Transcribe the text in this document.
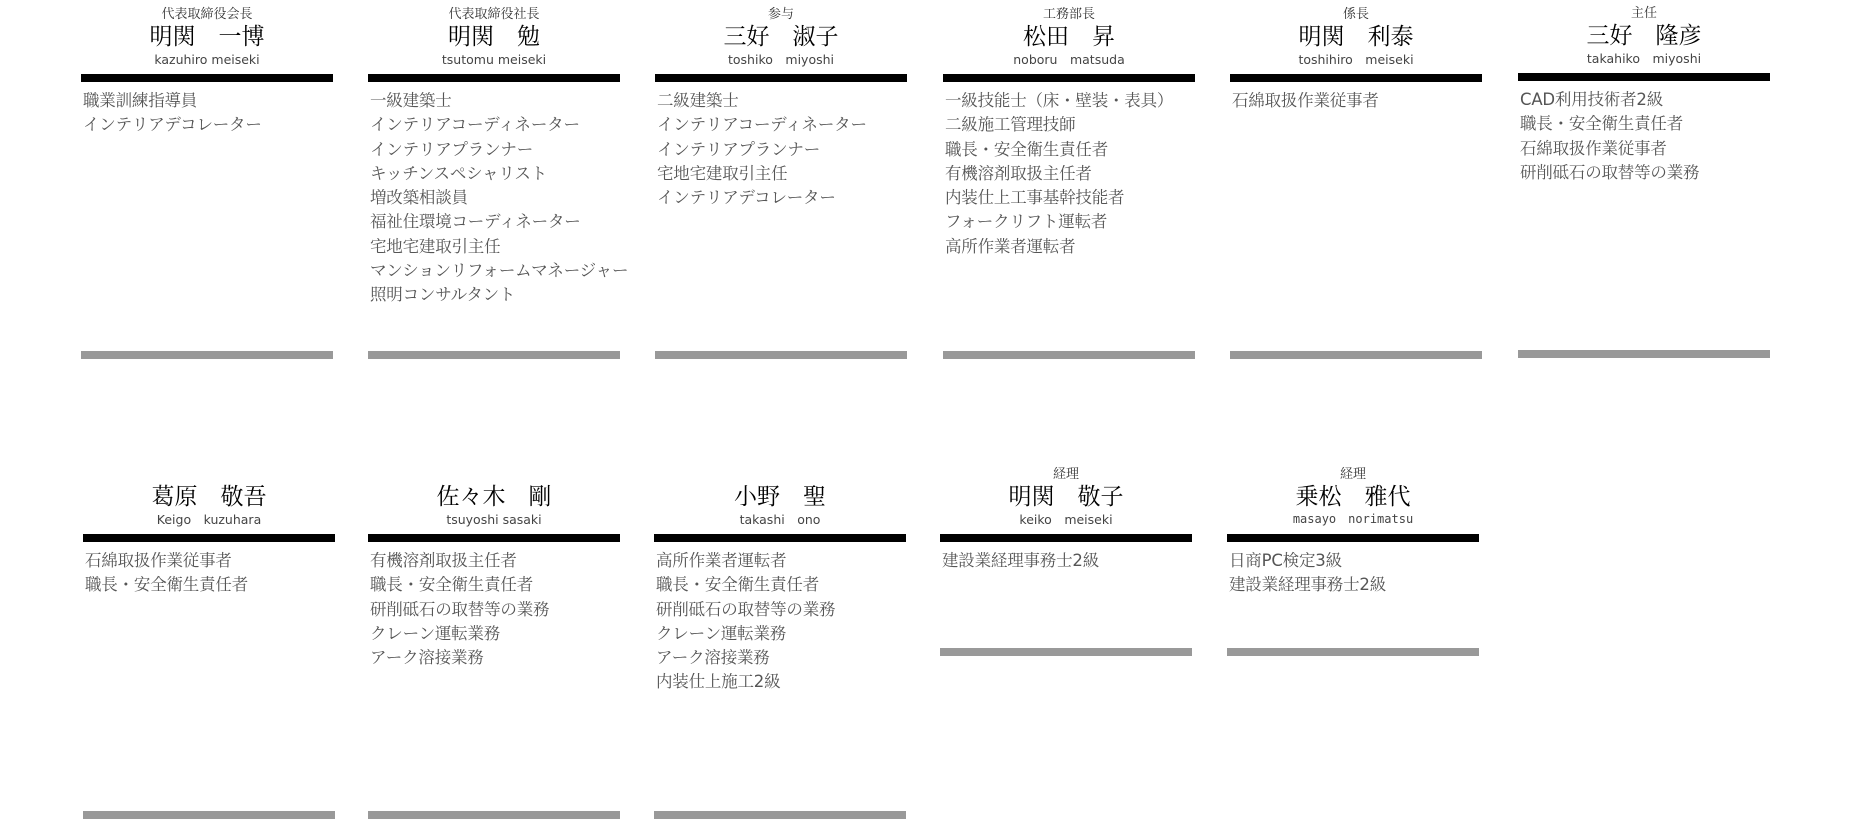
代表取締役会長
明関　一博
kazuhiro meiseki
職業訓練指導員
インテリアデコレーター
代表取締役社長
明関　勉
tsutomu meiseki
一級建築士
インテリアコーディネーター
インテリアプランナー
キッチンスペシャリスト
増改築相談員
福祉住環境コーディネーター
宅地宅建取引主任
マンションリフォームマネージャー
照明コンサルタント
参与
三好　淑子
toshiko　miyoshi
二級建築士
インテリアコーディネーター
インテリアプランナー
宅地宅建取引主任
インテリアデコレーター
工務部長
松田　昇
noboru　matsuda
一級技能士（床・壁装・表具）
二級施工管理技師
職長・安全衛生責任者
有機溶剤取扱主任者
内装仕上工事基幹技能者
フォークリフト運転者
高所作業者運転者
係長
明関　利泰
toshihiro　meiseki
石綿取扱作業従事者
主任
三好　隆彦
takahiko　miyoshi
CAD利用技術者2級
職長・安全衛生責任者
石綿取扱作業従事者
研削砥石の取替等の業務
葛原　敬吾
Keigo　kuzuhara
石綿取扱作業従事者
職長・安全衛生責任者
佐々木　剛
tsuyoshi sasaki
有機溶剤取扱主任者
職長・安全衛生責任者
研削砥石の取替等の業務
クレーン運転業務
アーク溶接業務
小野　聖
takashi　ono
高所作業者運転者
職長・安全衛生責任者
研削砥石の取替等の業務
クレーン運転業務
アーク溶接業務
内装仕上施工2級
経理
明関　敬子
keiko　meiseki
建設業経理事務士2級
経理
乗松　雅代
masayo　norimatsu
日商PC検定3級
建設業経理事務士2級
